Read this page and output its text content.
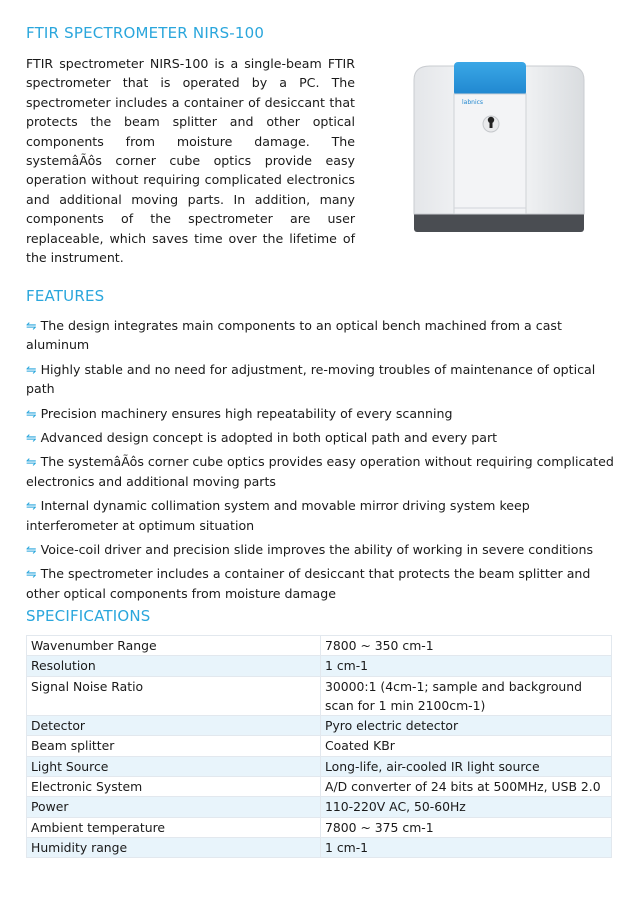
FTIR SPECTROMETER NIRS-100

FTIR spectrometer NIRS-100 is a single-beam FTIR spectrometer that is operated by a PC. The spectrometer includes a container of desiccant that protects the beam splitter and other optical components from moisture damage. The systemâÃôs corner cube optics provide easy operation without requiring complicated electronics and additional moving parts. In addition, many components of the spectrometer are user replaceable, which saves time over the lifetime of the instrument.

labnics
FEATURES
⇋ The design integrates main components to an optical bench machined from a cast aluminum
⇋ Highly stable and no need for adjustment, re-moving troubles of maintenance of optical path
⇋ Precision machinery ensures high repeatability of every scanning
⇋ Advanced design concept is adopted in both optical path and every part
⇋ The systemâÃôs corner cube optics provides easy operation without requiring complicated electronics and additional moving parts
⇋ Internal dynamic collimation system and movable mirror driving system keep interferometer at optimum situation
⇋ Voice-coil driver and precision slide improves the ability of working in severe conditions
⇋ The spectrometer includes a container of desiccant that protects the beam splitter and other optical components from moisture damage
SPECIFICATIONS
Wavenumber Range	7800 ~ 350 cm-1
Resolution	1 cm-1
Signal Noise Ratio	30000:1 (4cm-1; sample and background scan for 1 min 2100cm-1)
Detector	Pyro electric detector
Beam splitter	Coated KBr
Light Source	Long-life, air-cooled IR light source
Electronic System	A/D converter of 24 bits at 500MHz, USB 2.0
Power	110-220V AC, 50-60Hz
Ambient temperature	7800 ~ 375 cm-1
Humidity range	1 cm-1
